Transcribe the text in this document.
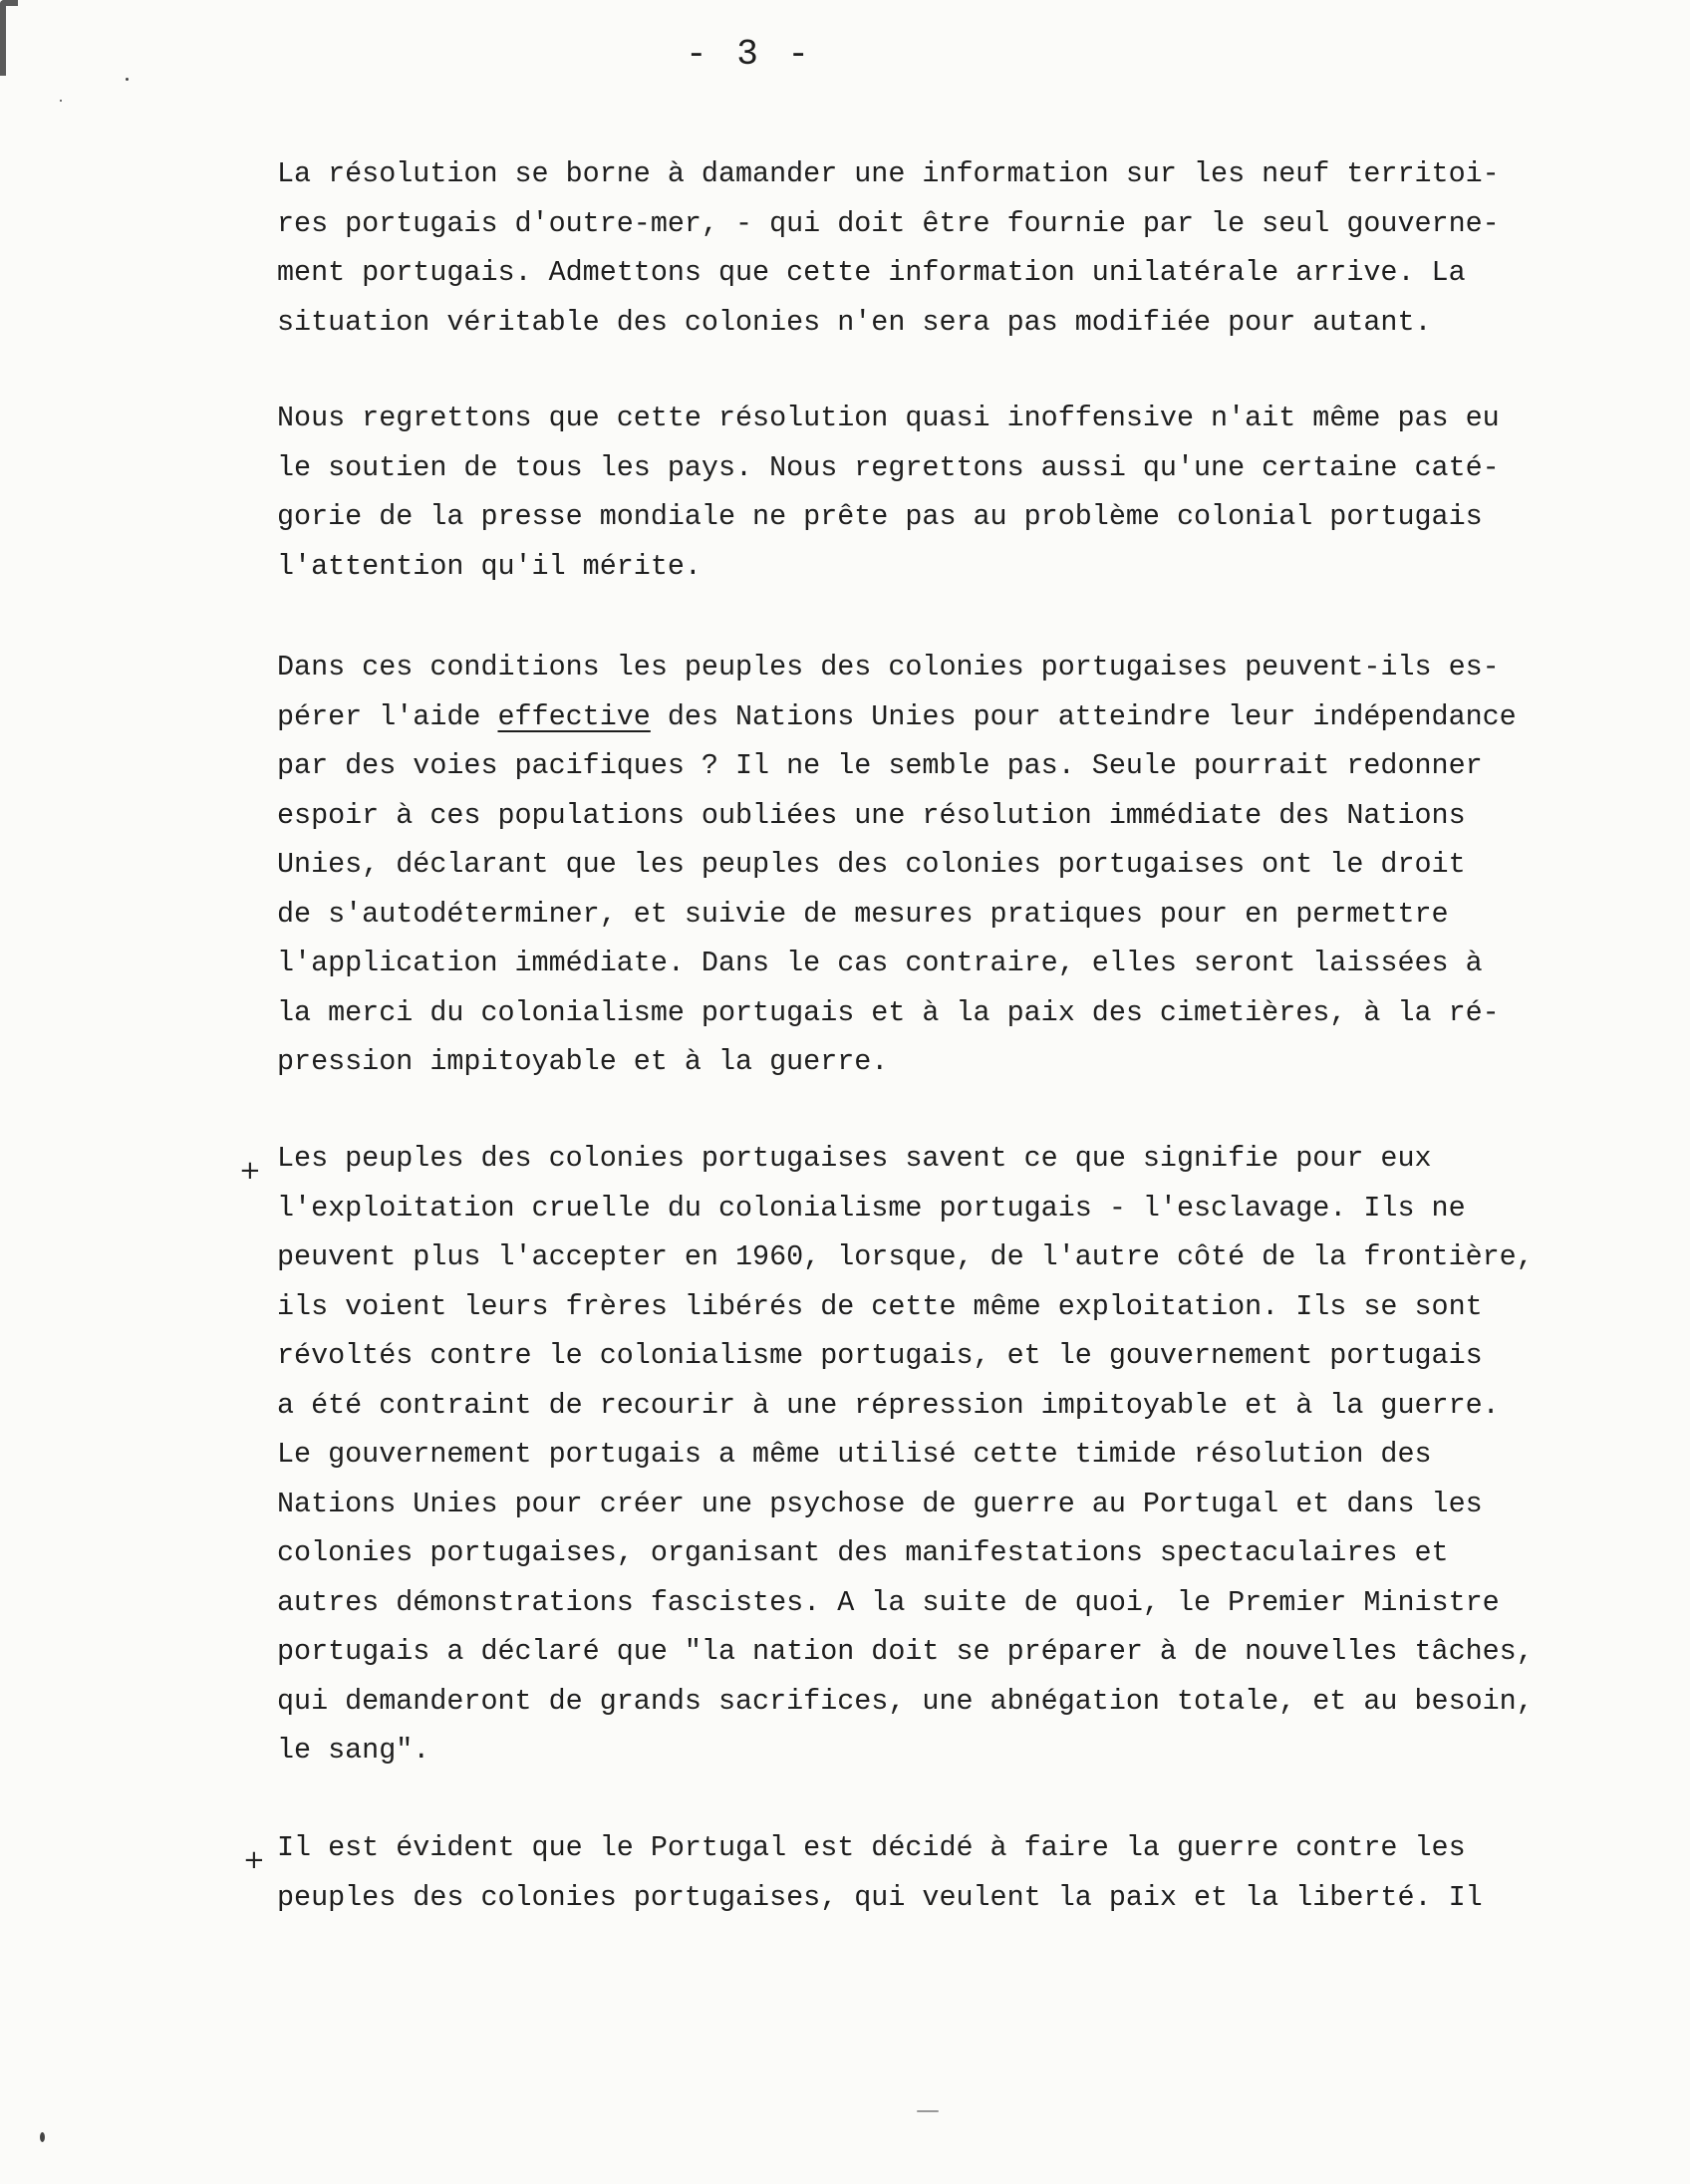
- 3 -
La résolution se borne à damander une information sur les neuf territoi-
res portugais d'outre-mer, - qui doit être fournie par le seul gouverne-
ment portugais. Admettons que cette information unilatérale arrive. La
situation véritable des colonies n'en sera pas modifiée pour autant.
Nous regrettons que cette résolution quasi inoffensive n'ait même pas eu
le soutien de tous les pays. Nous regrettons aussi qu'une certaine caté-
gorie de la presse mondiale ne prête pas au problème colonial portugais
l'attention qu'il mérite.
Dans ces conditions les peuples des colonies portugaises peuvent-ils es-
pérer l'aide effective des Nations Unies pour atteindre leur indépendance
par des voies pacifiques ? Il ne le semble pas. Seule pourrait redonner
espoir à ces populations oubliées une résolution immédiate des Nations
Unies, déclarant que les peuples des colonies portugaises ont le droit
de s'autodéterminer, et suivie de mesures pratiques pour en permettre
l'application immédiate. Dans le cas contraire, elles seront laissées à
la merci du colonialisme portugais et à la paix des cimetières, à la ré-
pression impitoyable et à la guerre.
+ Les peuples des colonies portugaises savent ce que signifie pour eux
l'exploitation cruelle du colonialisme portugais - l'esclavage. Ils ne
peuvent plus l'accepter en 1960, lorsque, de l'autre côté de la frontière,
ils voient leurs frères libérés de cette même exploitation. Ils se sont
révoltés contre le colonialisme portugais, et le gouvernement portugais
a été contraint de recourir à une répression impitoyable et à la guerre.
Le gouvernement portugais a même utilisé cette timide résolution des
Nations Unies pour créer une psychose de guerre au Portugal et dans les
colonies portugaises, organisant des manifestations spectaculaires et
autres démonstrations fascistes. A la suite de quoi, le Premier Ministre
portugais a déclaré que "la nation doit se préparer à de nouvelles tâches,
qui demanderont de grands sacrifices, une abnégation totale, et au besoin,
le sang".
+ Il est évident que le Portugal est décidé à faire la guerre contre les
peuples des colonies portugaises, qui veulent la paix et la liberté. Il
